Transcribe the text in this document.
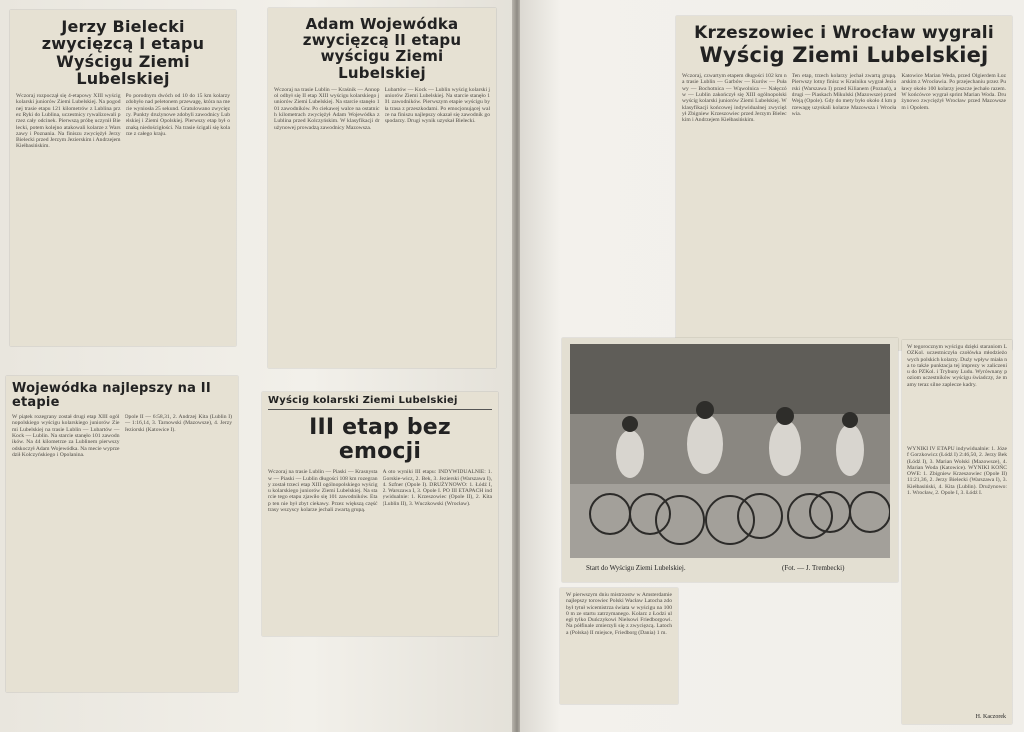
Jerzy Bielecki zwycięzcą I etapu Wyścigu Ziemi Lubelskiej
Wczoraj rozpoczął się 4-etapowy XIII wyścig kolarski juniorów Ziemi Lubelskiej. Na pogodnej trasie etapu 121 kilometrów z Lublina przez Ryki do Lublina, uczestnicy rywalizowali przez cały odcinek. Pierwszą próbę uczynił Bielecki, potem kolejno atakowali kolarze z Warszawy i Poznania. Na finiszu zwyciężył Jerzy Bielecki przed Jerzym Jezierskim i Andrzejem Kiełbasińskim.
Po porodnym dwóch od 10 do 15 km kolarzy zdobyło nad peletonem przewagę, która na mecie wyniosła 25 sekund. Gratulowano zwycięzcy. Punkty drużynowe zdobyli zawodnicy Lubelskiej i Ziemi Opolskiej. Pierwszy etap był oznaką niedościgłości. Na trasie ścigali się kolarze z całego kraju.
Adam Wojewódka zwycięzcą II etapu wyścigu Ziemi Lubelskiej
Wczoraj na trasie Lublin — Kraśnik — Annopol odbył się II etap XIII wyścigu kolarskiego juniorów Ziemi Lubelskiej. Na starcie stanęło 101 zawodników. Po ciekawej walce na ostatnich kilometrach zwyciężył Adam Wojewódka z Lublina przed Kolczyńskim. W klasyfikacji drużynowej prowadzą zawodnicy Mazowsza.
Lubartów — Kock — Lublin wyścig kolarski juniorów Ziemi Lubelskiej. Na starcie stanęło 101 zawodników. Pierwszym etapie wyścigu była trasa z przeszkodami. Po emocjonującej walce na finiszu najlepszy okazał się zawodnik gospodarzy. Drugi wynik uzyskał Bielecki.
Krzeszowiec i Wrocław wygrali
Wyścig Ziemi Lubelskiej
Wczoraj, czwartym etapem długości 102 km na trasie Lublin — Garbów — Kurów — Puławy — Bochotnica — Wąwolnica — Nałęczów — Lublin zakończył się XIII ogólnopolski wyścig kolarski juniorów Ziemi Lubelskiej. W klasyfikacji końcowej indywidualnej zwyciężył Zbigniew Krzeszowiec przed Jerzym Bieleckim i Andrzejem Kiełbasińskim.
Ten etap, trzech kolarzy jechał zwartą grupą. Pierwszy lotny finisz w Kraśniku wygrał Jeziorski (Warszawa I) przed Kilianem (Poznań), a drugi — Piaskach Mikulski (Mazowsze) przed Weją (Opole). Gdy do mety było około 4 km przewagę uzyskali kolarze Mazowsza i Wrocławia.
Katowice Marian Weda, przed Olgierdem Łozarskim z Wrocławia. Po przejechaniu przez Puławy około 100 kolarzy jeszcze jechało razem. W końcówce wygrał sprint Marian Woda. Drużynowo zwyciężył Wrocław przed Mazowszem i Opolem.
Wojewódka najlepszy na II etapie
W piątek rozegrany został drugi etap XIII ogólnopolskiego wyścigu kolarskiego juniorów Ziemi Lubelskiej na trasie Lublin — Lubartów — Kock — Lublin. Na starcie stanęło 101 zawodników. Na 44 kilometrze za Lublinem pierwszy odskoczył Adam Wojewódka. Na mecie wyprzedził Kolczyńskiego i Opolanina.
Opole II — 6:58,31, 2. Andrzej Kita (Lublin I) — 1:16,14, 3. Tarnowski (Mazowsze), 4. Jerzy Jeziorski (Katowice I).
Wyścig kolarski Ziemi Lubelskiej
III etap bez emocji
Wczoraj na trasie Lublin — Piaski — Krasnystaw — Piaski — Lublin długości 108 km rozegrany został trzeci etap XIII ogólnopolskiego wyścigu kolarskiego juniorów Ziemi Lubelskiej. Na starcie tego etapu zjawiło się 101 zawodników. Etap ten nie był zbyt ciekawy. Przez większą część trasy wszyscy kolarze jechali zwartą grupą.
A oto wyniki III etapu: INDYWIDUALNIE: 1. Gorskie-wicz, 2. Bek, 3. Jezierski (Warszawa I), 4. Szfner (Opole I). DRUŻYNOWO: 1. Łódź I, 2. Warszawa I, 3. Opole I. PO III ETAPACH indywidualnie: 1. Krzeszowiec (Opole II), 2. Kita (Lublin II), 3. Wuczkowski (Wrocław).
Start do Wyścigu Ziemi Lubelskiej.	(Fot. — J. Trembecki)
W pierwszym dniu mistrzostw w Amsterdamie najlepszy torowiec Polski Wacław Latocha zdobył tytuł wicemistrza świata w wyścigu na 1000 m ze startu zatrzymanego. Kolarz z Łodzi uległ tylko Duńczykowi Nielsowi Friedborgowi. Na półfinale zmierzyli się z zwycięzcą. Latocha (Polska) II miejsce, Friedborg (Dania) 1 m.
W tegorocznym wyścigu dzięki staraniom LOZKol. uczestniczyła czołówka młodzieżowych polskich kolarzy. Duży wpływ miała na to także punktacja tej imprezy w zaliczeniu do PZKol. i Trybuny Ludu. Wyrównany poziom uczestników wyścigu świadczy, że mamy teraz silne zaplecze kadry.
WYNIKI IV ETAPU indywidualnie: 1. Józef Gorzkowicz (Łódź I) 2:46,50, 2. Jerzy Bek (Łódź I), 3. Marian Wolski (Mazowsze), 4. Marian Woda (Katowice). WYNIKI KOŃCOWE: 1. Zbigniew Krzeszowiec (Opole II) 11:21,36, 2. Jerzy Bielecki (Warszawa I), 3. Kiełbasiński, 4. Kita (Lublin). Drużynowo: 1. Wrocław, 2. Opole I, 3. Łódź I.
H. Kaczorek
